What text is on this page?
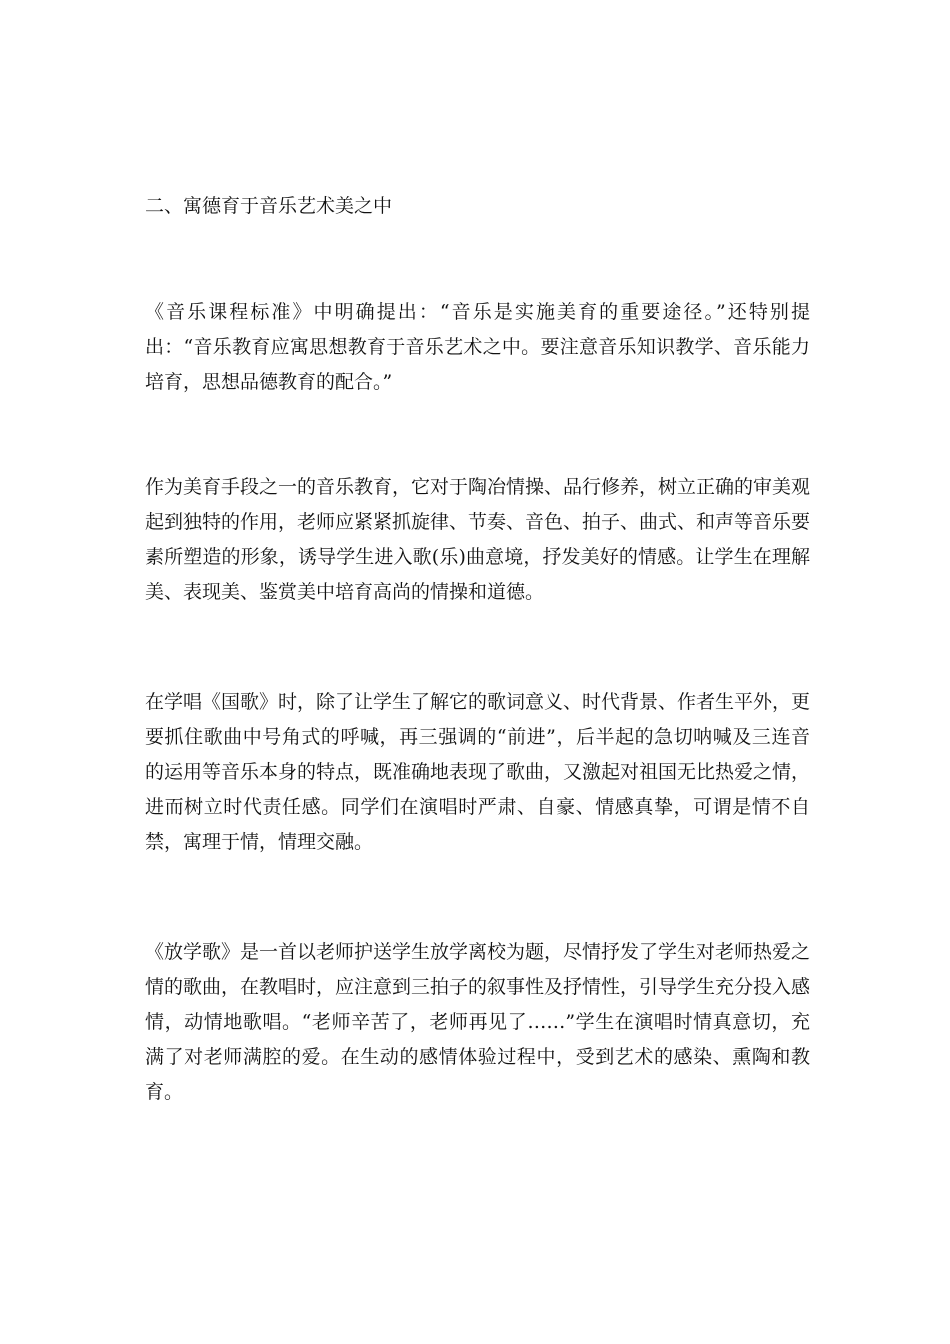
二、寓德育于音乐艺术美之中

《音乐课程标准》中明确提出：“音乐是实施美育的重要途径。”还特别提出：“音乐教育应寓思想教育于音乐艺术之中。要注意音乐知识教学、音乐能力培育，思想品德教育的配合。”

作为美育手段之一的音乐教育，它对于陶冶情操、品行修养，树立正确的审美观起到独特的作用，老师应紧紧抓旋律、节奏、音色、拍子、曲式、和声等音乐要素所塑造的形象，诱导学生进入歌(乐)曲意境，抒发美好的情感。让学生在理解美、表现美、鉴赏美中培育高尚的情操和道德。

在学唱《国歌》时，除了让学生了解它的歌词意义、时代背景、作者生平外，更要抓住歌曲中号角式的呼喊，再三强调的“前进”，后半起的急切呐喊及三连音的运用等音乐本身的特点，既准确地表现了歌曲，又激起对祖国无比热爱之情，进而树立时代责任感。同学们在演唱时严肃、自豪、情感真挚，可谓是情不自禁，寓理于情，情理交融。

《放学歌》是一首以老师护送学生放学离校为题，尽情抒发了学生对老师热爱之情的歌曲，在教唱时，应注意到三拍子的叙事性及抒情性，引导学生充分投入感情，动情地歌唱。“老师辛苦了，老师再见了……”学生在演唱时情真意切，充满了对老师满腔的爱。在生动的感情体验过程中，受到艺术的感染、熏陶和教育。
